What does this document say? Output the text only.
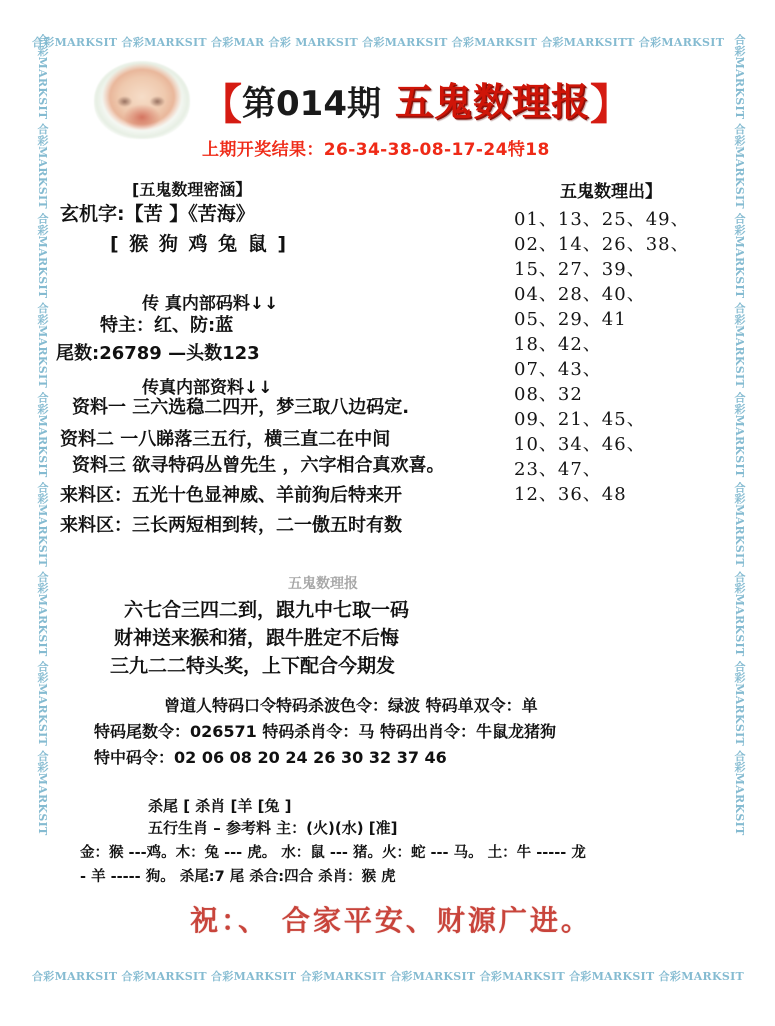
合彩MARKSIT 合彩MARKSIT 合彩MAR 合彩 MARKSIT 合彩MARKSIT 合彩MARKSIT 合彩MARKSITT 合彩MARKSIT
合彩MARKSIT 合彩MARKSIT 合彩MARKSIT 合彩MARKSIT 合彩MARKSIT 合彩MARKSIT 合彩MARKSIT 合彩MARKSIT
合彩MARKSIT 合彩MARKSIT 合彩MARKSIT 合彩MARKSIT 合彩MARKSIT 合彩MARKSIT 合彩MARKSIT 合彩MARKSIT 合彩MARKSIT	合彩MARKSIT 合彩MARKSIT 合彩MARKSIT 合彩MARKSIT 合彩MARKSIT 合彩MARKSIT 合彩MARKSIT 合彩MARKSIT 合彩MARKSIT
【第014期 五鬼数理报】
上期开奖结果：26-34-38-08-17-24特18
[五鬼数理密涵】
玄机字:【苦 】《苦海》
[ 猴 狗 鸡 兔 鼠 ]
传 真内部码料↓↓
特主：红、防:蓝
尾数:26789 —头数123
传真内部资料↓↓
资料一 三六选稳二四开，梦三取八边码定.
资料二 一八睇落三五行，横三直二在中间
资料三 欲寻特码丛曾先生 ，六字相合真欢喜。
来料区：五光十色显神威、羊前狗后特来开
来料区：三长两短相到转，二一傲五时有数
五鬼数理出】
01、13、25、49、
02、14、26、38、
15、27、39、
04、28、40、
05、29、41
18、42、
07、43、
08、32
09、21、45、
10、34、46、
23、47、
12、36、48
五鬼数理报
六七合三四二到，跟九中七取一码
财神送来猴和猪，跟牛胜定不后悔
三九二二特头奖，上下配合今期发
曾道人特码口令特码杀波色令：绿波 特码单双令：单
特码尾数令：026571 特码杀肖令：马 特码出肖令：牛鼠龙猪狗
特中码令：02 06 08 20 24 26 30 32 37 46
杀尾 [ 杀肖 [羊 [兔 ]
五行生肖 – 参考料 主：(火)(水) [准]
金：猴 ---鸡。木：兔 --- 虎。 水：鼠 --- 猪。火：蛇 --- 马。 土：牛 ----- 龙
- 羊 ----- 狗。 杀尾:7 尾 杀合:四合 杀肖：猴 虎
祝：、 合家平安、财源广进。
